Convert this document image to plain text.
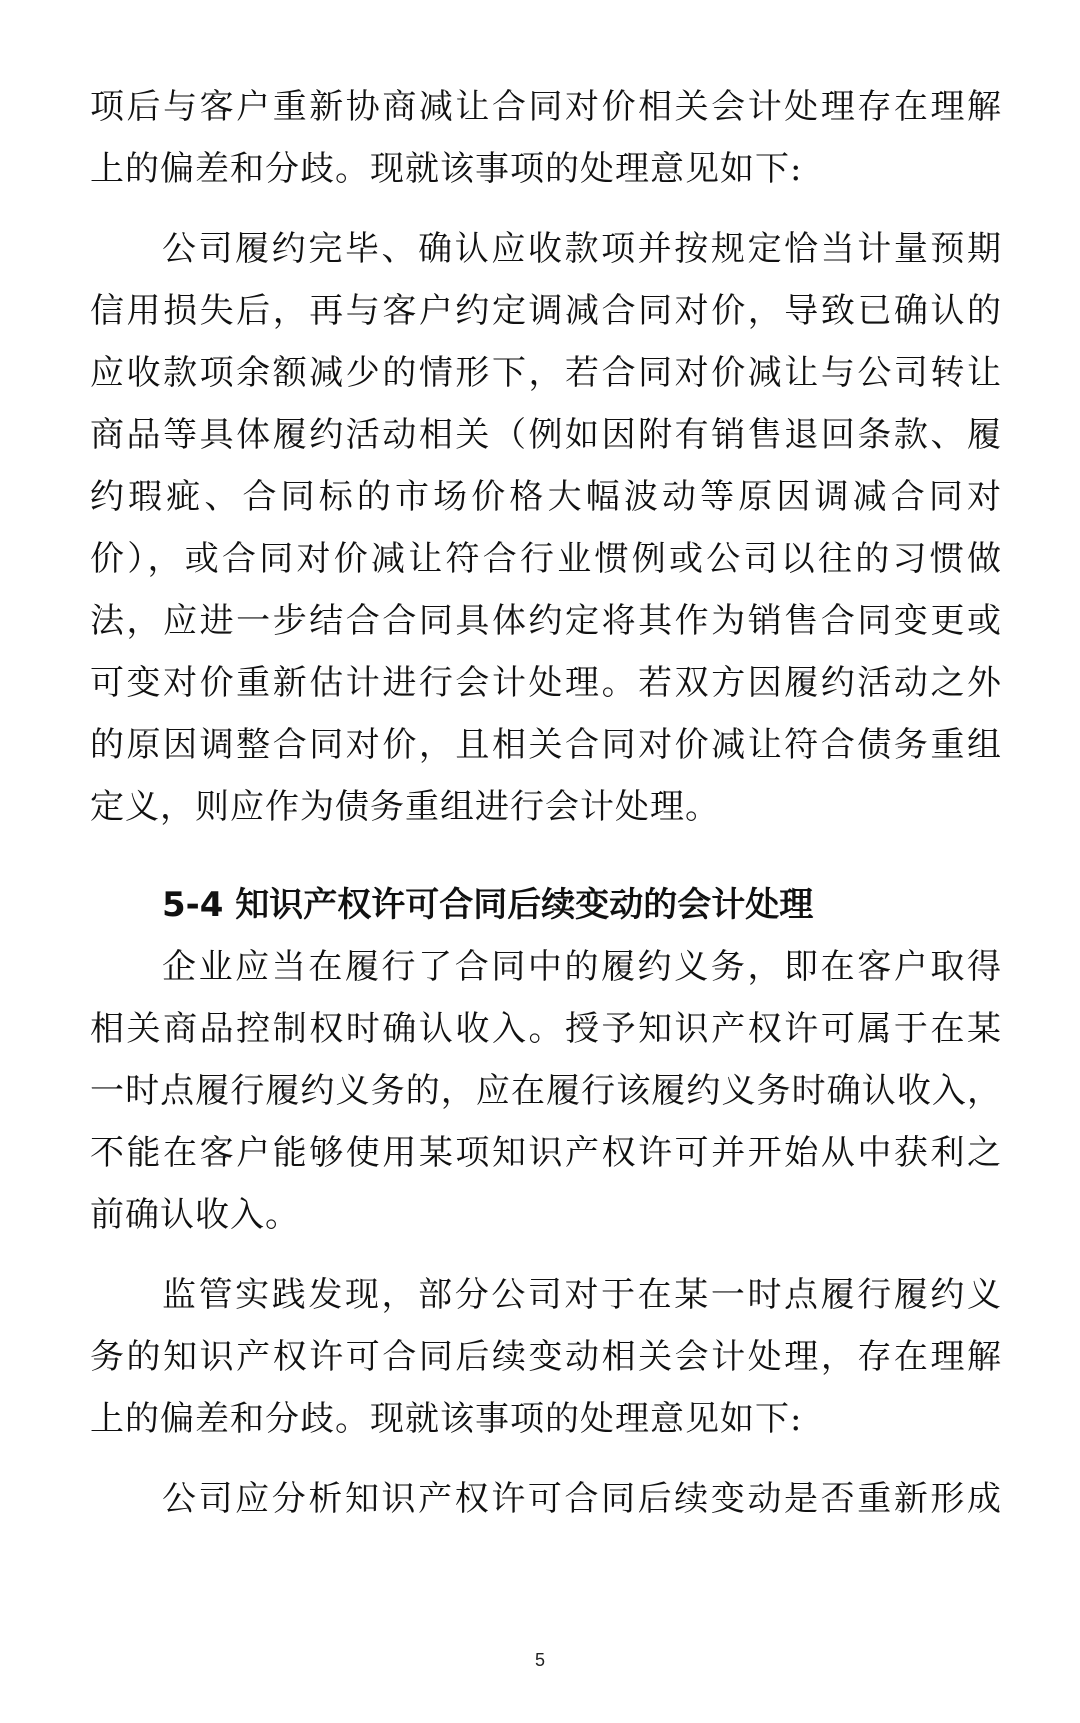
项后与客户重新协商减让合同对价相关会计处理存在理解
上的偏差和分歧。现就该事项的处理意见如下:
公司履约完毕、确认应收款项并按规定恰当计量预期
信用损失后，再与客户约定调减合同对价，导致已确认的
应收款项余额减少的情形下，若合同对价减让与公司转让
商品等具体履约活动相关（例如因附有销售退回条款、履
约瑕疵、合同标的市场价格大幅波动等原因调减合同对
价），或合同对价减让符合行业惯例或公司以往的习惯做
法，应进一步结合合同具体约定将其作为销售合同变更或
可变对价重新估计进行会计处理。若双方因履约活动之外
的原因调整合同对价，且相关合同对价减让符合债务重组
定义，则应作为债务重组进行会计处理。
5-4 知识产权许可合同后续变动的会计处理
企业应当在履行了合同中的履约义务，即在客户取得
相关商品控制权时确认收入。授予知识产权许可属于在某
一时点履行履约义务的，应在履行该履约义务时确认收入，
不能在客户能够使用某项知识产权许可并开始从中获利之
前确认收入。
监管实践发现，部分公司对于在某一时点履行履约义
务的知识产权许可合同后续变动相关会计处理，存在理解
上的偏差和分歧。现就该事项的处理意见如下:
公司应分析知识产权许可合同后续变动是否重新形成
5
